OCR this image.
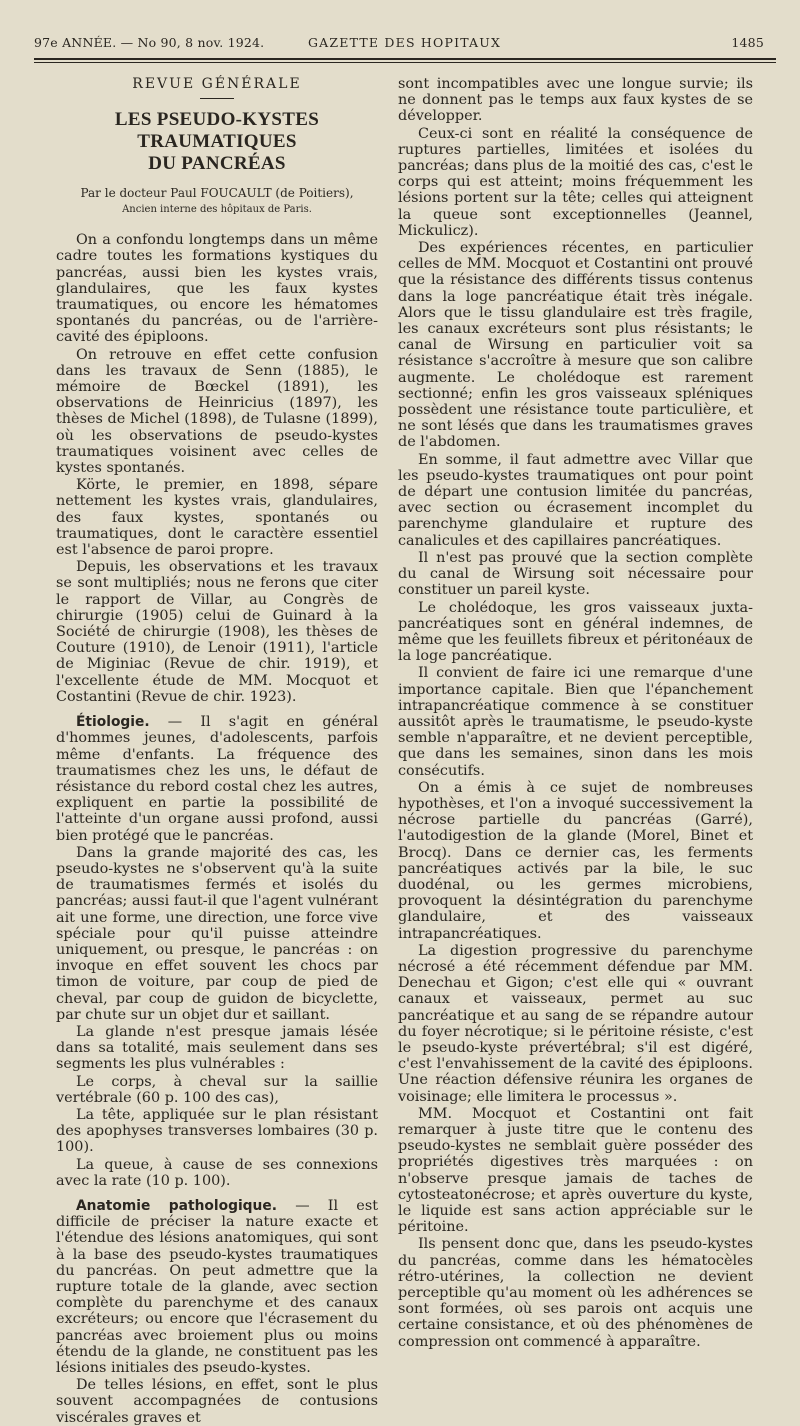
97e ANNÉE. — No 90, 8 nov. 1924.	GAZETTE DES HOPITAUX	1485
REVUE GÉNÉRALE
LES PSEUDO-KYSTES TRAUMATIQUES
DU PANCRÉAS

Par le docteur Paul FOUCAULT (de Poitiers),

Ancien interne des hôpitaux de Paris.

On a confondu longtemps dans un même cadre toutes les formations kystiques du pancréas, aussi bien les kystes vrais, glandulaires, que les faux kystes traumatiques, ou encore les hématomes spontanés du pancréas, ou de l'arrière-cavité des épiploons.

On retrouve en effet cette confusion dans les travaux de Senn (1885), le mémoire de Bœckel (1891), les observations de Heinricius (1897), les thèses de Michel (1898), de Tulasne (1899), où les observations de pseudo-kystes traumatiques voisinent avec celles de kystes spontanés.

Körte, le premier, en 1898, sépare nettement les kystes vrais, glandulaires, des faux kystes, spontanés ou traumatiques, dont le caractère essentiel est l'absence de paroi propre.

Depuis, les observations et les travaux se sont multipliés; nous ne ferons que citer le rapport de Villar, au Congrès de chirurgie (1905) celui de Guinard à la Société de chirurgie (1908), les thèses de Couture (1910), de Lenoir (1911), l'article de Miginiac (Revue de chir. 1919), et l'excellente étude de MM. Mocquot et Costantini (Revue de chir. 1923).

Étiologie. — Il s'agit en général d'hommes jeunes, d'adolescents, parfois même d'enfants. La fréquence des traumatismes chez les uns, le défaut de résistance du rebord costal chez les autres, expliquent en partie la possibilité de l'atteinte d'un organe aussi profond, aussi bien protégé que le pancréas.

Dans la grande majorité des cas, les pseudo-kystes ne s'observent qu'à la suite de traumatismes fermés et isolés du pancréas; aussi faut-il que l'agent vulnérant ait une forme, une direction, une force vive spéciale pour qu'il puisse atteindre uniquement, ou presque, le pancréas : on invoque en effet souvent les chocs par timon de voiture, par coup de pied de cheval, par coup de guidon de bicyclette, par chute sur un objet dur et saillant.

La glande n'est presque jamais lésée dans sa totalité, mais seulement dans ses segments les plus vulnérables :

Le corps, à cheval sur la saillie vertébrale (60 p. 100 des cas),

La tête, appliquée sur le plan résistant des apophyses transverses lombaires (30 p. 100).

La queue, à cause de ses connexions avec la rate (10 p. 100).

Anatomie pathologique. — Il est difficile de préciser la nature exacte et l'étendue des lésions anatomiques, qui sont à la base des pseudo-kystes traumatiques du pancréas. On peut admettre que la rupture totale de la glande, avec section complète du parenchyme et des canaux excréteurs; ou encore que l'écrasement du pancréas avec broiement plus ou moins étendu de la glande, ne constituent pas les lésions initiales des pseudo-kystes.

De telles lésions, en effet, sont le plus souvent accompagnées de contusions viscérales graves et

sont incompatibles avec une longue survie; ils ne donnent pas le temps aux faux kystes de se développer.

Ceux-ci sont en réalité la conséquence de ruptures partielles, limitées et isolées du pancréas; dans plus de la moitié des cas, c'est le corps qui est atteint; moins fréquemment les lésions portent sur la tête; celles qui atteignent la queue sont exceptionnelles (Jeannel, Mickulicz).

Des expériences récentes, en particulier celles de MM. Mocquot et Costantini ont prouvé que la résistance des différents tissus contenus dans la loge pancréatique était très inégale. Alors que le tissu glandulaire est très fragile, les canaux excréteurs sont plus résistants; le canal de Wirsung en particulier voit sa résistance s'accroître à mesure que son calibre augmente. Le cholédoque est rarement sectionné; enfin les gros vaisseaux spléniques possèdent une résistance toute particulière, et ne sont lésés que dans les traumatismes graves de l'abdomen.

En somme, il faut admettre avec Villar que les pseudo-kystes traumatiques ont pour point de départ une contusion limitée du pancréas, avec section ou écrasement incomplet du parenchyme glandulaire et rupture des canalicules et des capillaires pancréatiques.

Il n'est pas prouvé que la section complète du canal de Wirsung soit nécessaire pour constituer un pareil kyste.

Le cholédoque, les gros vaisseaux juxta-pancréatiques sont en général indemnes, de même que les feuillets fibreux et péritonéaux de la loge pancréatique.

Il convient de faire ici une remarque d'une importance capitale. Bien que l'épanchement intrapancréatique commence à se constituer aussitôt après le traumatisme, le pseudo-kyste semble n'apparaître, et ne devient perceptible, que dans les semaines, sinon dans les mois consécutifs.

On a émis à ce sujet de nombreuses hypothèses, et l'on a invoqué successivement la nécrose partielle du pancréas (Garré), l'autodigestion de la glande (Morel, Binet et Brocq). Dans ce dernier cas, les ferments pancréatiques activés par la bile, le suc duodénal, ou les germes microbiens, provoquent la désintégration du parenchyme glandulaire, et des vaisseaux intrapancréatiques.

La digestion progressive du parenchyme nécrosé a été récemment défendue par MM. Denechau et Gigon; c'est elle qui « ouvrant canaux et vaisseaux, permet au suc pancréatique et au sang de se répandre autour du foyer nécrotique; si le péritoine résiste, c'est le pseudo-kyste prévertébral; s'il est digéré, c'est l'envahissement de la cavité des épiploons. Une réaction défensive réunira les organes de voisinage; elle limitera le processus ».

MM. Mocquot et Costantini ont fait remarquer à juste titre que le contenu des pseudo-kystes ne semblait guère posséder des propriétés digestives très marquées : on n'observe presque jamais de taches de cytosteatonécrose; et après ouverture du kyste, le liquide est sans action appréciable sur le péritoine.

Ils pensent donc que, dans les pseudo-kystes du pancréas, comme dans les hématocèles rétro-utérines, la collection ne devient perceptible qu'au moment où les adhérences se sont formées, où ses parois ont acquis une certaine consistance, et où des phénomènes de compression ont commencé à apparaître.
